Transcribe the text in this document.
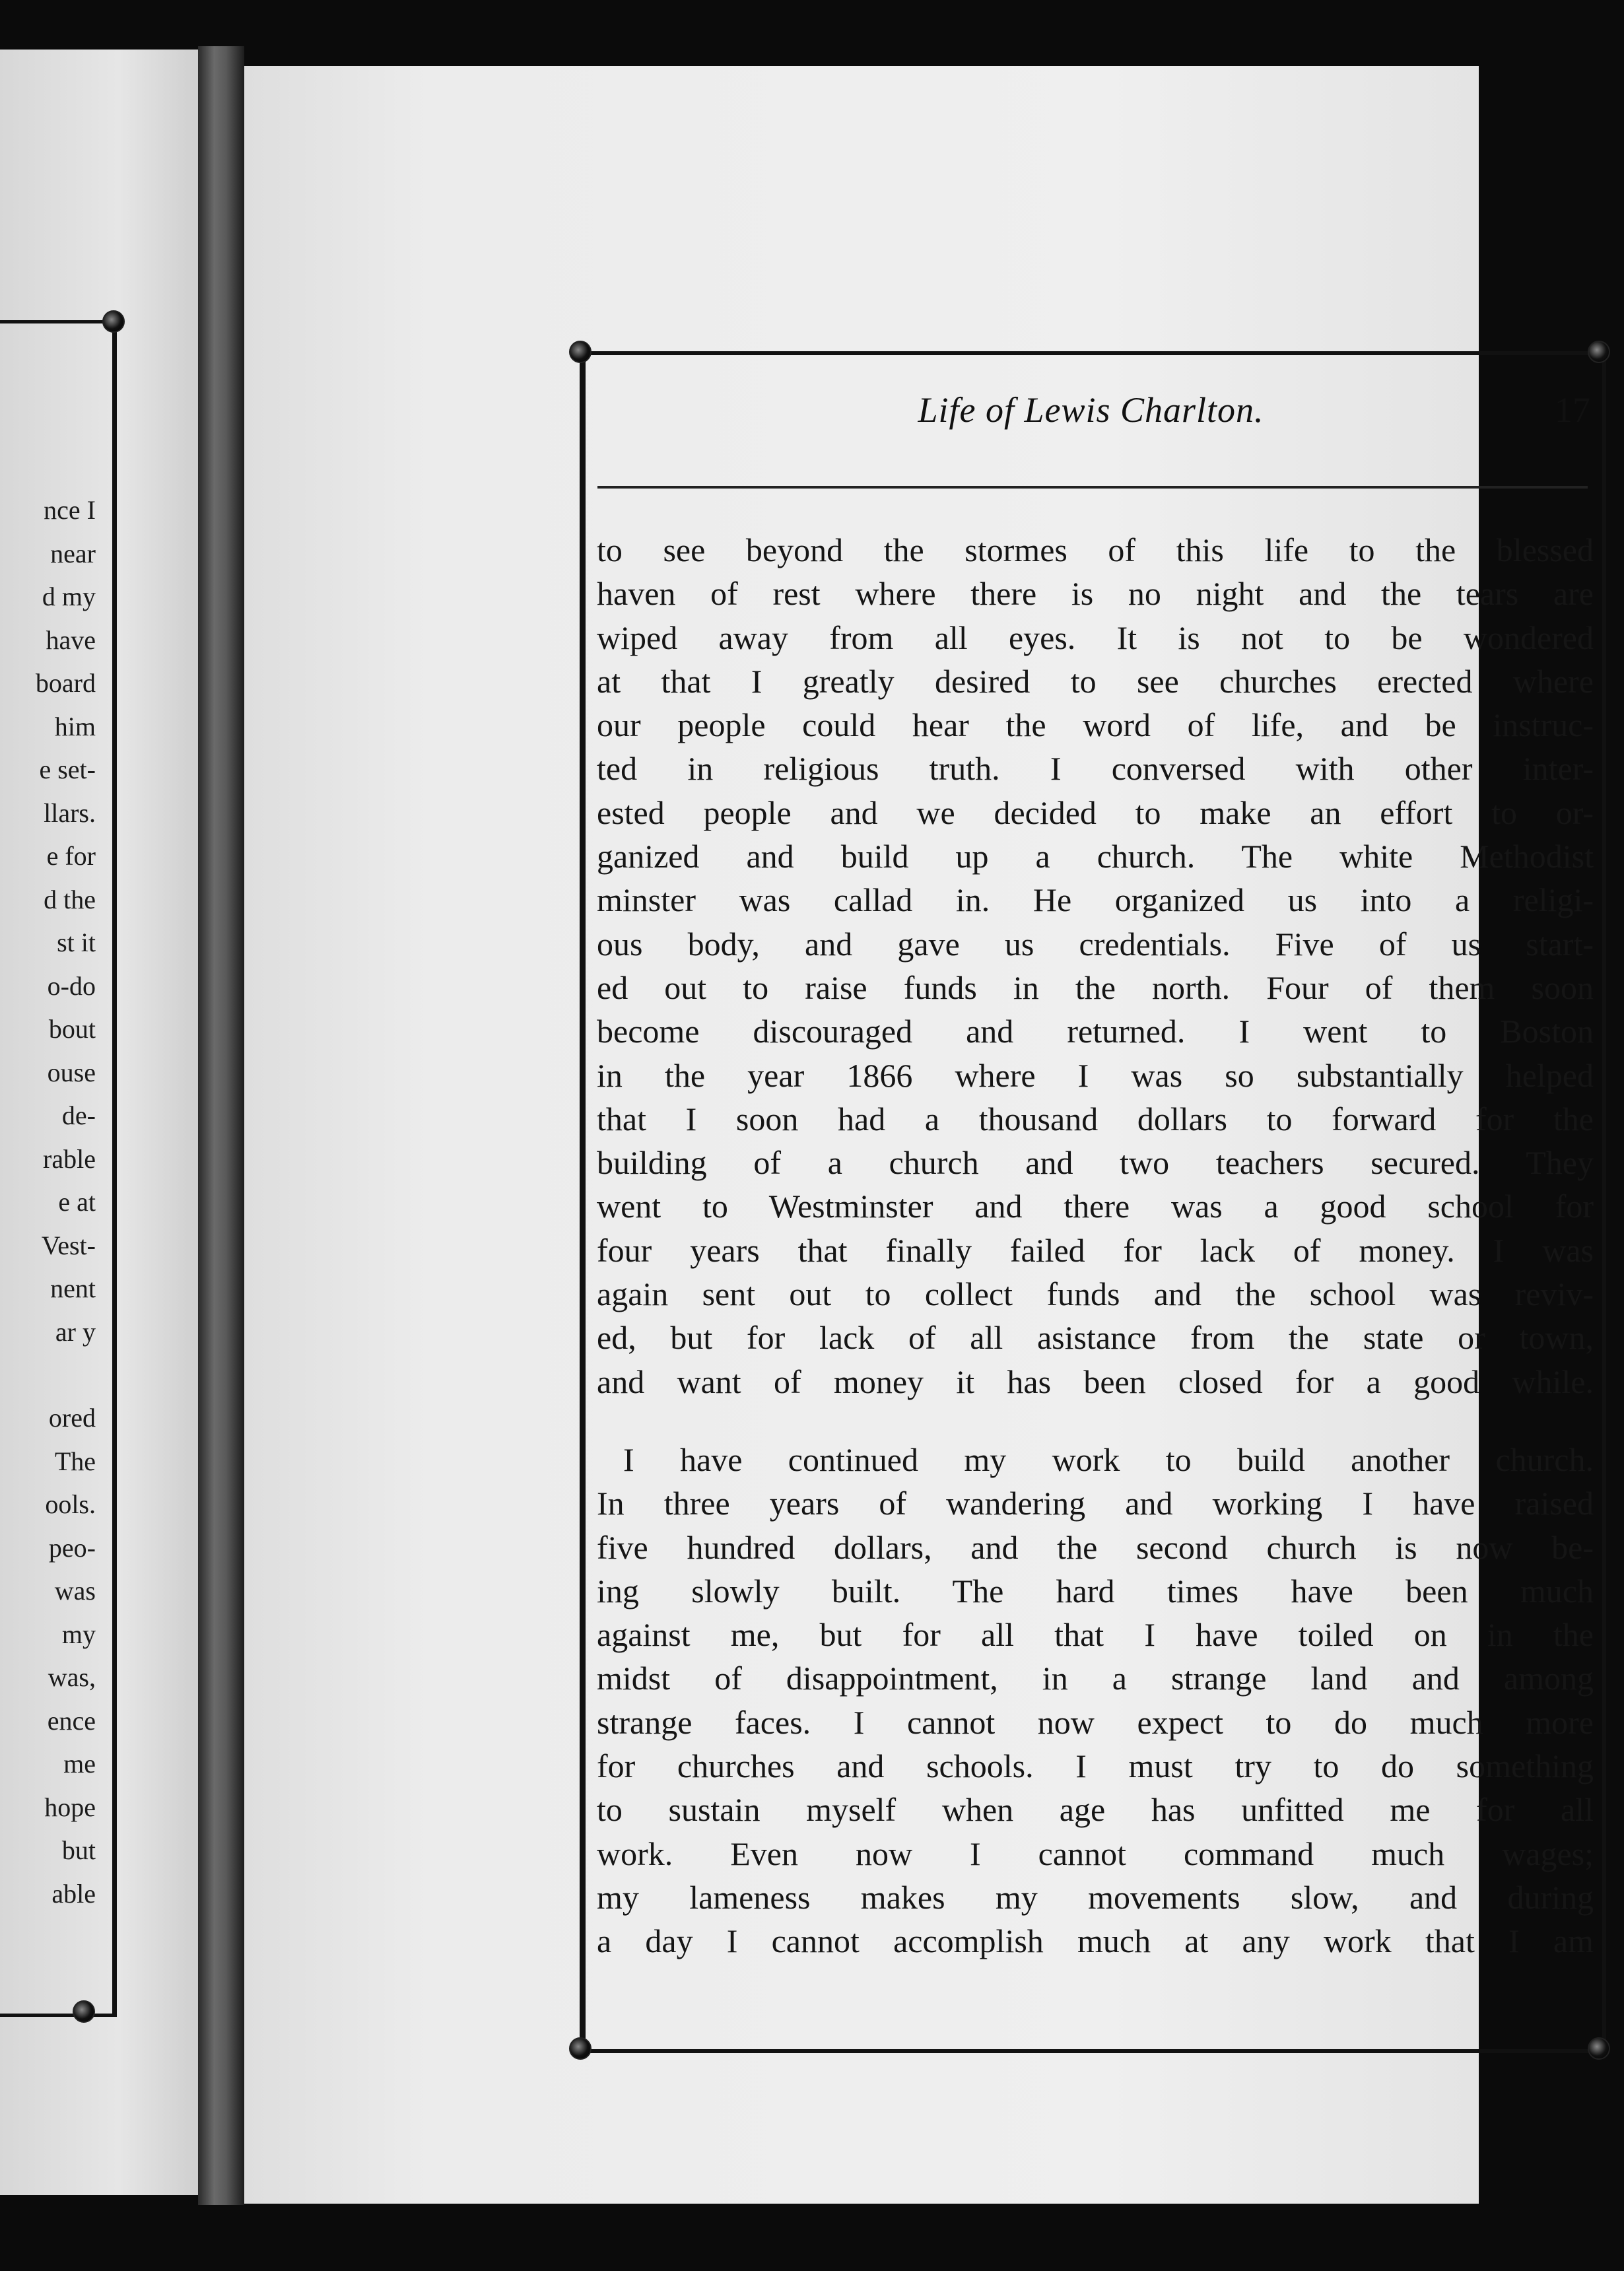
nce I
near
d my
have
board
him
e set-
llars.
e for
d the
st it
o-do
bout
ouse
de-
rable
e at
Vest-
nent
ar y
ored
The
ools.
peo-
was
my
was,
ence
me
hope
but
able
Life of Lewis Charlton.	17
to see beyond the stormes of this life to the blessed
haven of rest where there is no night and the tears are
wiped away from all eyes. It is not to be wondered
at that I greatly desired to see churches erected where
our people could hear the word of life, and be instruc-
ted in religious truth. I conversed with other inter-
ested people and we decided to make an effort to or-
ganized and build up a church. The white Methodist
minster was callad in. He organized us into a religi-
ous body, and gave us credentials. Five of us start-
ed out to raise funds in the north. Four of them soon
become discouraged and returned. I went to Boston
in the year 1866 where I was so substantially helped
that I soon had a thousand dollars to forward for the
building of a church and two teachers secured. They
went to Westminster and there was a good school for
four years that finally failed for lack of money. I was
again sent out to collect funds and the school was reviv-
ed, but for lack of all asistance from the state or town,
and want of money it has been closed for a good while.
I have continued my work to build another church.
In three years of wandering and working I have raised
five hundred dollars, and the second church is now be-
ing slowly built. The hard times have been much
against me, but for all that I have toiled on in the
midst of disappointment, in a strange land and among
strange faces. I cannot now expect to do much more
for churches and schools. I must try to do something
to sustain myself when age has unfitted me for all
work. Even now I cannot command much wages;
my lameness makes my movements slow, and during
a day I cannot accomplish much at any work that I am
